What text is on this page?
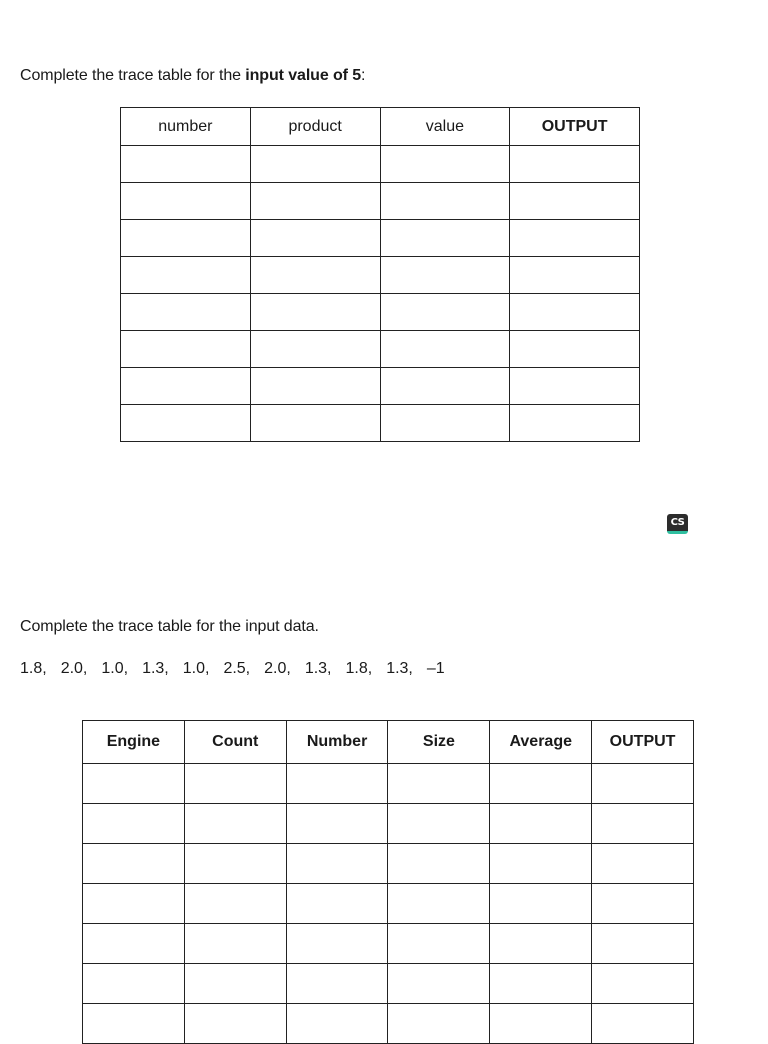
Complete the trace table for the input value of 5:

number	product	value	OUTPUT

CS

Complete the trace table for the input data.

1.8, 2.0, 1.0, 1.3, 1.0, 2.5, 2.0, 1.3, 1.8, 1.3, –1
Engine	Count	Number	Size	Average	OUTPUT
